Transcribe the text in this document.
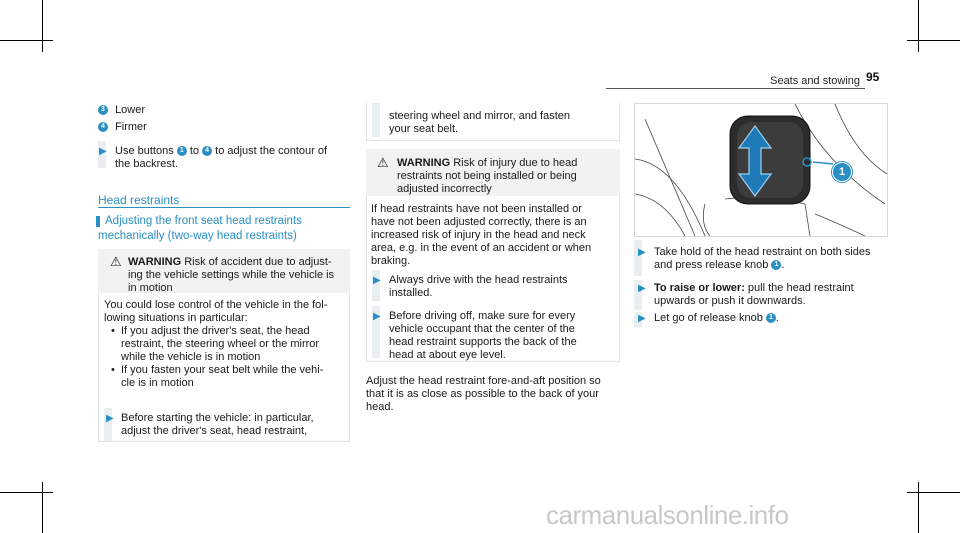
Seats and stowing 95
3 Lower
4 Firmer
▶ Use buttons 1 to 4 to adjust the contour of
the backrest.
Head restraints
Adjusting the front seat head restraints
mechanically (two-way head restraints)
⚠ WARNING Risk of accident due to adjust-
ing the vehicle settings while the vehicle is
in motion
You could lose control of the vehicle in the fol-
lowing situations in particular:
• If you adjust the driver's seat, the head
restraint, the steering wheel or the mirror
while the vehicle is in motion
• If you fasten your seat belt while the vehi-
cle is in motion
▶ Before starting the vehicle: in particular,
adjust the driver's seat, head restraint,
steering wheel and mirror, and fasten
your seat belt.
⚠ WARNING Risk of injury due to head
restraints not being installed or being
adjusted incorrectly
If head restraints have not been installed or
have not been adjusted correctly, there is an
increased risk of injury in the head and neck
area, e.g. in the event of an accident or when
braking.
▶ Always drive with the head restraints
installed.
▶ Before driving off, make sure for every
vehicle occupant that the center of the
head restraint supports the back of the
head at about eye level.
Adjust the head restraint fore-and-aft position so
that it is as close as possible to the back of your
head.
1
▶ Take hold of the head restraint on both sides
and press release knob 1 .
▶ To raise or lower: pull the head restraint
upwards or push it downwards.
▶ Let go of release knob 1 .
carmanualsonline.info
